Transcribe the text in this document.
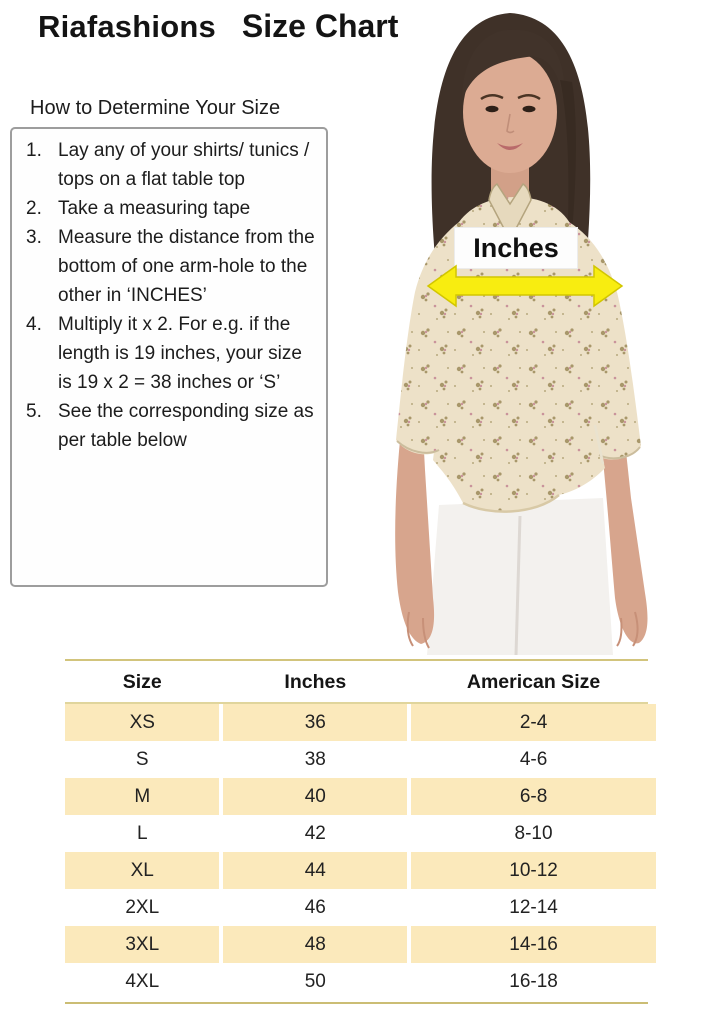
Riafashions Size Chart
How to Determine Your Size
1. Lay any of your shirts/ tunics / tops on a flat table top
2. Take a measuring tape
3. Measure the distance from the bottom of one arm-hole to the other in ‘INCHES’
4. Multiply it x 2. For e.g. if the length is 19 inches, your size is 19 x 2 = 38 inches or ‘S’
5. See the corresponding size as per table below
Inches
Size	Inches	American Size
XS	36	2-4
S	38	4-6
M	40	6-8
L	42	8-10
XL	44	10-12
2XL	46	12-14
3XL	48	14-16
4XL	50	16-18
